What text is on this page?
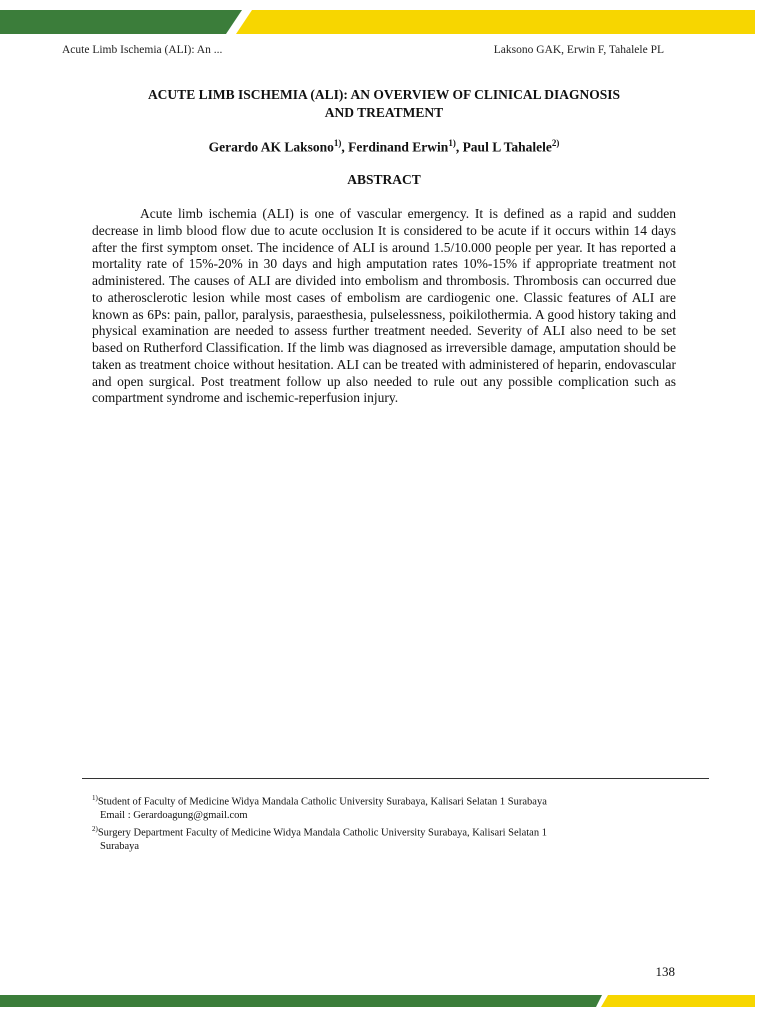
Acute Limb Ischemia (ALI): An ...	Laksono GAK, Erwin F, Tahalele PL
ACUTE LIMB ISCHEMIA (ALI): AN OVERVIEW OF CLINICAL DIAGNOSIS
AND TREATMENT
Gerardo AK Laksono$^{1)}$, Ferdinand Erwin$^{1)}$, Paul L Tahalele$^{2)}$
ABSTRACT

Acute limb ischemia (ALI) is one of vascular emergency. It is defined as a rapid and sudden decrease in limb blood flow due to acute occlusion It is considered to be acute if it occurs within 14 days after the first symptom onset. The incidence of ALI is around 1.5/10.000 people per year. It has reported a mortality rate of 15%-20% in 30 days and high amputation rates 10%-15% if appropriate treatment not administered. The causes of ALI are divided into embolism and thrombosis. Thrombosis can occurred due to atherosclerotic lesion while most cases of embolism are cardiogenic one. Classic features of ALI are known as 6Ps: pain, pallor, paralysis, paraesthesia, pulselessness, poikilothermia. A good history taking and physical examination are needed to assess further treatment needed. Severity of ALI also need to be set based on Rutherford Classification. If the limb was diagnosed as irreversible damage, amputation should be taken as treatment choice without hesitation. ALI can be treated with administered of heparin, endovascular and open surgical. Post treatment follow up also needed to rule out any possible complication such as compartment syndrome and ischemic-reperfusion injury.

$^{1)}$Student of Faculty of Medicine Widya Mandala Catholic University Surabaya, Kalisari Selatan 1 Surabaya
Email : Gerardoagung@gmail.com
$^{2)}$Surgery Department Faculty of Medicine Widya Mandala Catholic University Surabaya, Kalisari Selatan 1
Surabaya
138
